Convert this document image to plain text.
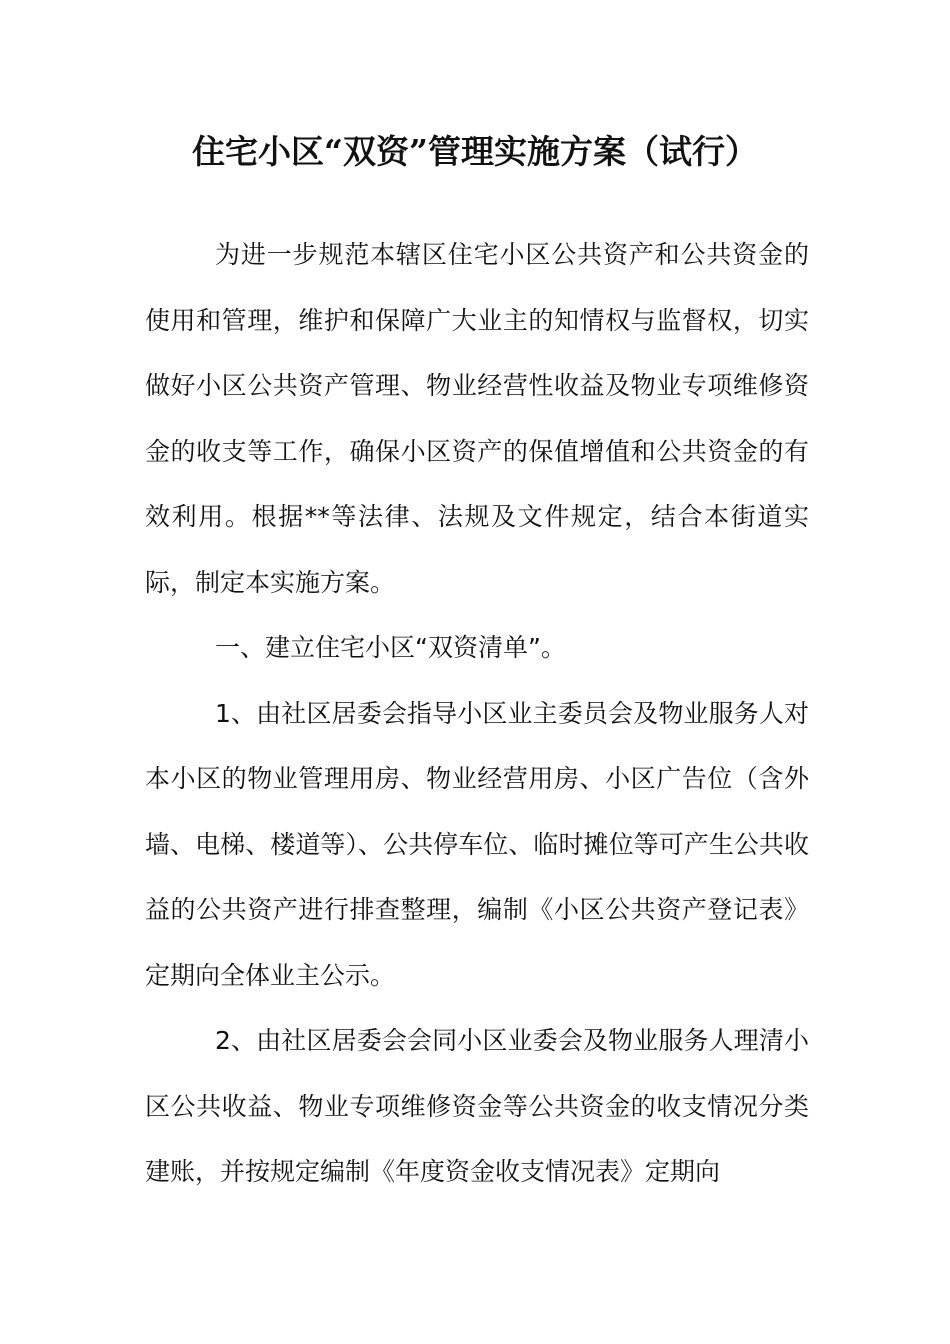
住宅小区“双资”管理实施方案（试行）

为进一步规范本辖区住宅小区公共资产和公共资金的使用和管理，维护和保障广大业主的知情权与监督权，切实做好小区公共资产管理、物业经营性收益及物业专项维修资金的收支等工作，确保小区资产的保值增值和公共资金的有效利用。根据**等法律、法规及文件规定，结合本街道实际，制定本实施方案。

一、建立住宅小区“双资清单”。

1、由社区居委会指导小区业主委员会及物业服务人对本小区的物业管理用房、物业经营用房、小区广告位（含外墙、电梯、楼道等）、公共停车位、临时摊位等可产生公共收益的公共资产进行排查整理，编制《小区公共资产登记表》定期向全体业主公示。

2、由社区居委会会同小区业委会及物业服务人理清小区公共收益、物业专项维修资金等公共资金的收支情况分类建账，并按规定编制《年度资金收支情况表》定期向
